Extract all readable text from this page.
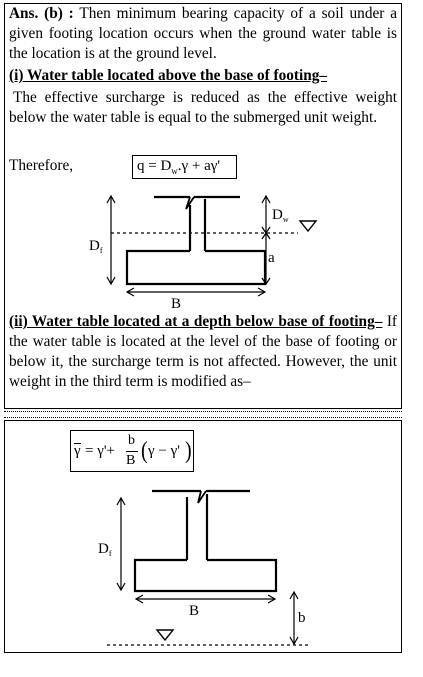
Ans. (b) : Then minimum bearing capacity of a soil under a given footing location occurs when the ground water table is the location is at the ground level.

(i) Water table located above the base of footing–

The effective surcharge is reduced as the effective weight below the water table is equal to the submerged unit weight.

Therefore,	$q = D_w.\gamma + a\gamma'$
$D_f$
$D_w$
a
B
$D_f$
B	b

(ii) Water table located at a depth below base of footing– If the water table is located at the level of the base of footing or below it, the surcharge term is not affected. However, the unit weight in the third term is modified as–

γ = γ'+
b
B ( γ − γ' )
